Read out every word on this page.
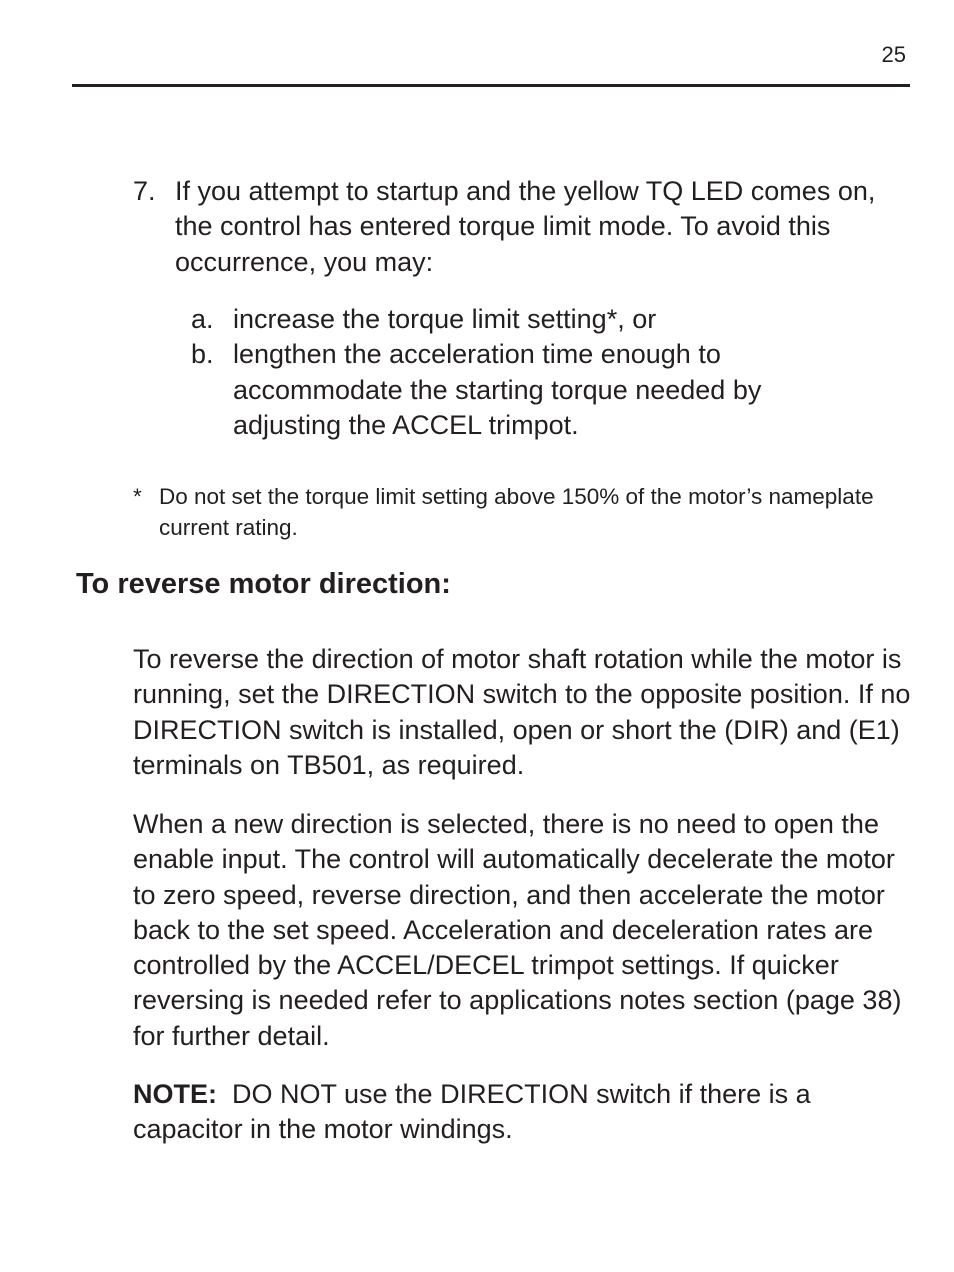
25
7. If you attempt to startup and the yellow TQ LED comes on, the control has entered torque limit mode. To avoid this occurrence, you may:
a. increase the torque limit setting*, or
b. lengthen the acceleration time enough to accommodate the starting torque needed by adjusting the ACCEL trimpot.
* Do not set the torque limit setting above 150% of the motor’s nameplate current rating.
To reverse motor direction:

To reverse the direction of motor shaft rotation while the motor is running, set the DIRECTION switch to the opposite position. If no DIRECTION switch is installed, open or short the (DIR) and (E1) terminals on TB501, as required.

When a new direction is selected, there is no need to open the enable input. The control will automatically decelerate the motor to zero speed, reverse direction, and then accelerate the motor back to the set speed. Acceleration and deceleration rates are controlled by the ACCEL/DECEL trimpot settings. If quicker reversing is needed refer to applications notes section (page 38) for further detail.

NOTE:  DO NOT use the DIRECTION switch if there is a capacitor in the motor windings.
